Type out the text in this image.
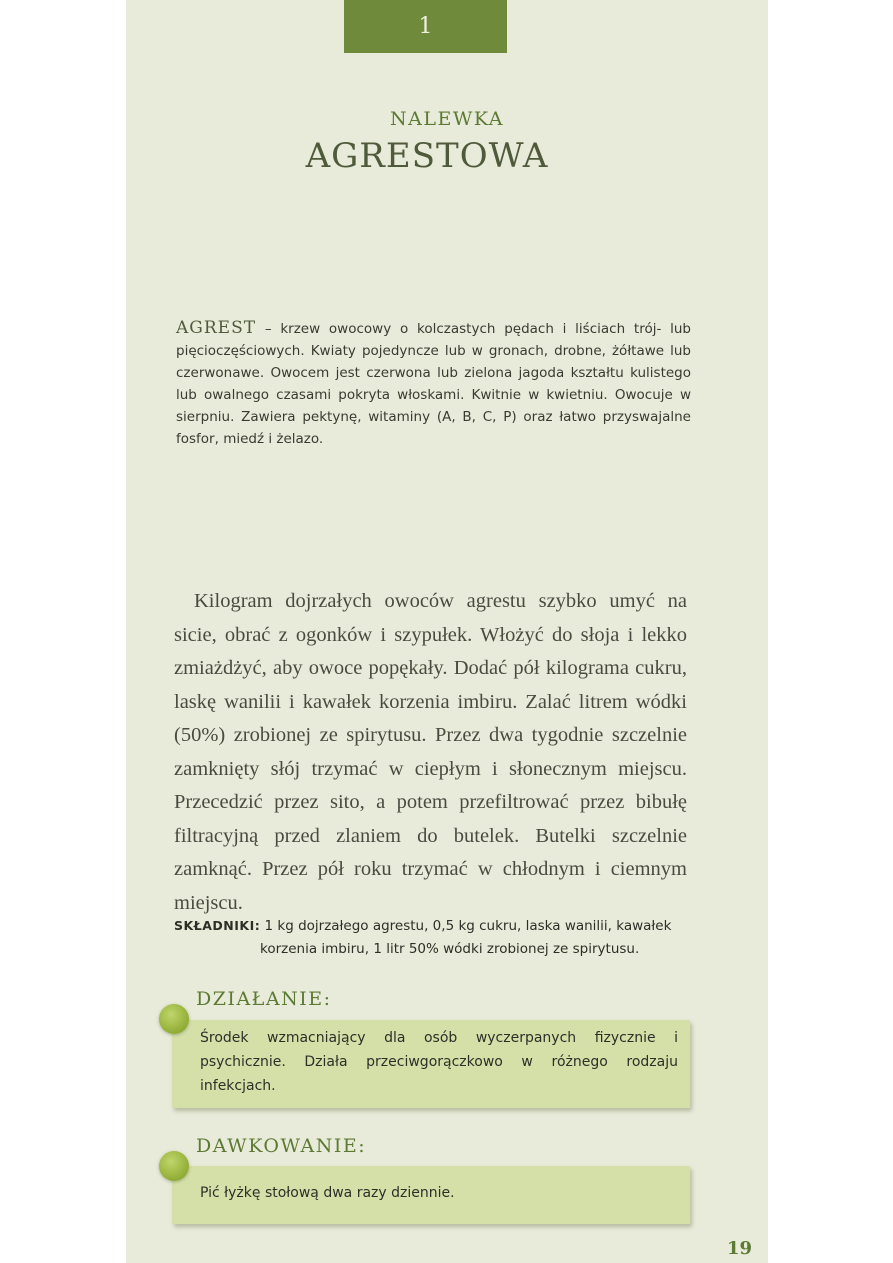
1
NALEWKA
AGRESTOWA
AGREST – krzew owocowy o kolczastych pędach i liściach trój- lub pięcioczęściowych. Kwiaty pojedyncze lub w gronach, drobne, żółtawe lub czerwonawe. Owocem jest czerwona lub zielona jagoda kształtu kulistego lub owalnego czasami pokryta włoskami. Kwitnie w kwietniu. Owocuje w sierpniu. Zawiera pektynę, witaminy (A, B, C, P) oraz łatwo przyswajalne fosfor, miedź i żelazo.
Kilogram dojrzałych owoców agrestu szybko umyć na sicie, obrać z ogonków i szypułek. Włożyć do słoja i lekko zmiażdżyć, aby owoce popękały. Dodać pół kilograma cukru, laskę wanilii i kawałek korzenia imbiru. Zalać litrem wódki (50%) zrobionej ze spirytusu. Przez dwa tygodnie szczelnie zamknięty słój trzymać w ciepłym i słonecznym miejscu. Przecedzić przez sito, a potem przefiltrować przez bibułę filtracyjną przed zlaniem do butelek. Butelki szczelnie zamknąć. Przez pół roku trzymać w chłodnym i ciemnym miejscu.
SKŁADNIKI: 1 kg dojrzałego agrestu, 0,5 kg cukru, laska wanilii, kawałek
korzenia imbiru, 1 litr 50% wódki zrobionej ze spirytusu.
DZIAŁANIE:
Środek wzmacniający dla osób wyczerpanych fizycznie i psychicznie. Działa przeciwgorączkowo w różnego rodzaju infekcjach.
DAWKOWANIE:
Pić łyżkę stołową dwa razy dziennie.
19
